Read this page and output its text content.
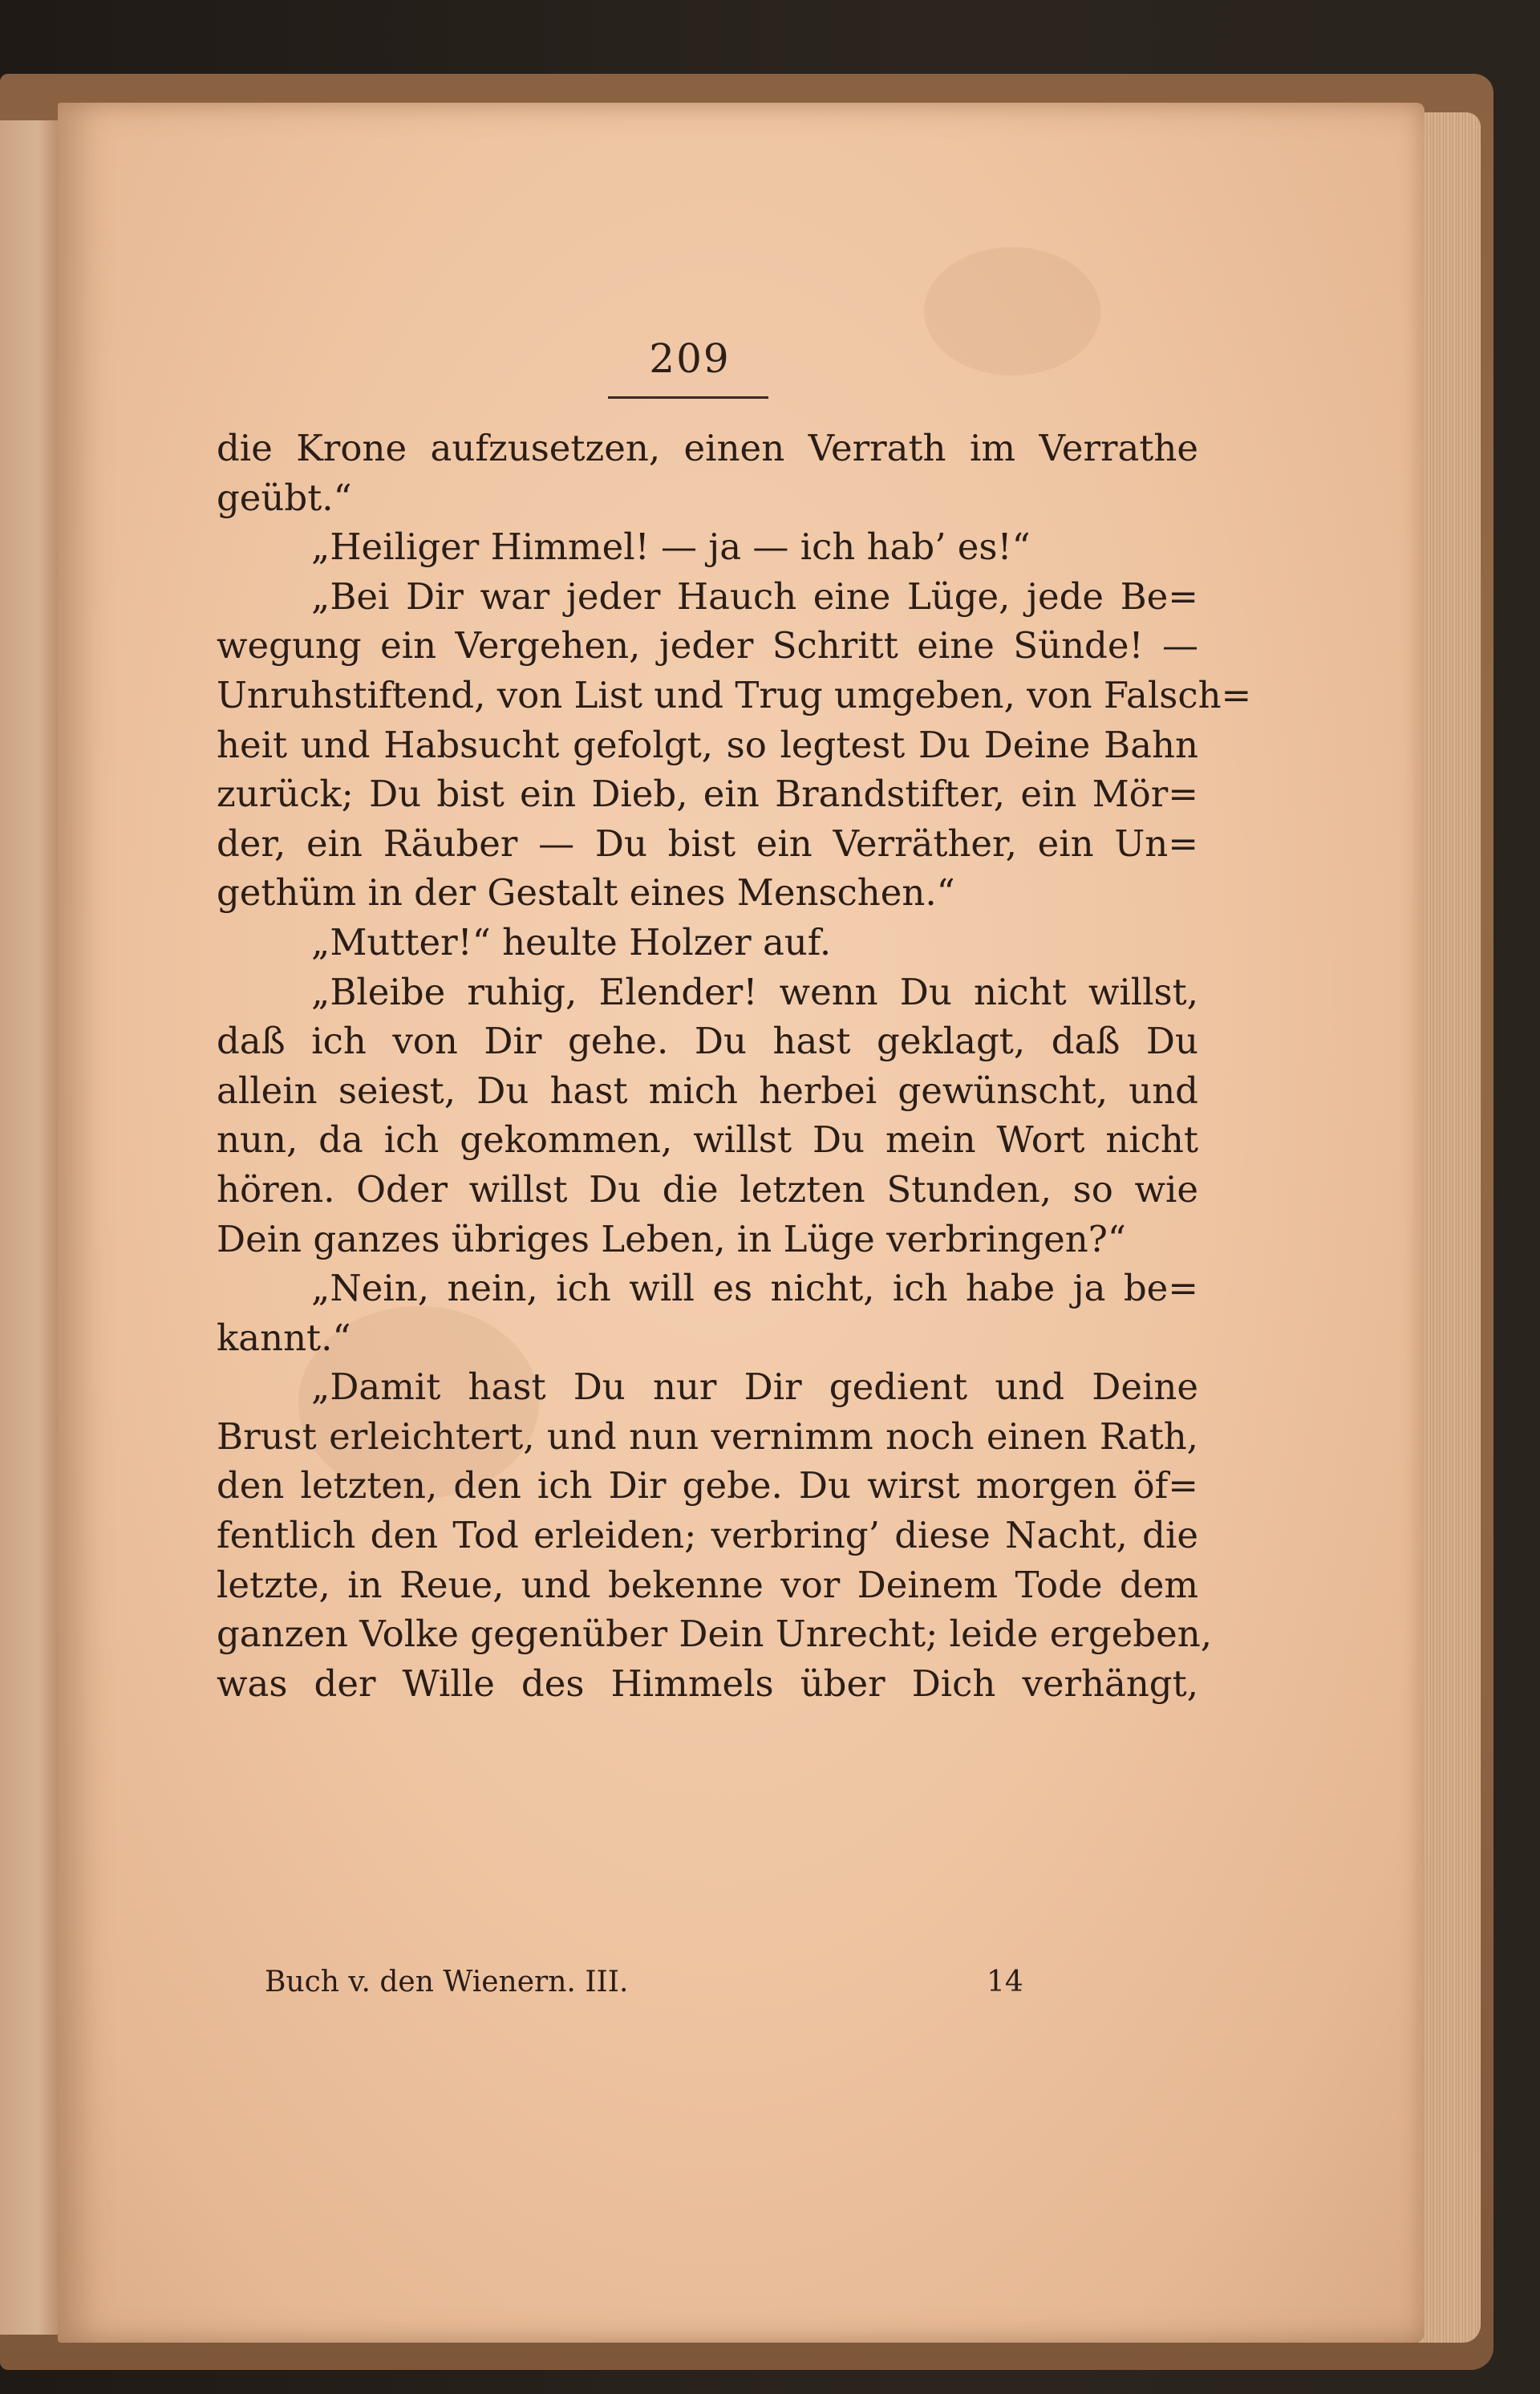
209
die Krone aufzusetzen, einen Verrath im Verrathe
geübt.“
„Heiliger Himmel! — ja — ich hab’ es!“
„Bei Dir war jeder Hauch eine Lüge, jede Be=
wegung ein Vergehen, jeder Schritt eine Sünde! —
Unruhstiftend, von List und Trug umgeben, von Falsch=
heit und Habsucht gefolgt, so legtest Du Deine Bahn
zurück; Du bist ein Dieb, ein Brandstifter, ein Mör=
der, ein Räuber — Du bist ein Verräther, ein Un=
gethüm in der Gestalt eines Menschen.“
„Mutter!“ heulte Holzer auf.
„Bleibe ruhig, Elender! wenn Du nicht willst,
daß ich von Dir gehe. Du hast geklagt, daß Du
allein seiest, Du hast mich herbei gewünscht, und
nun, da ich gekommen, willst Du mein Wort nicht
hören. Oder willst Du die letzten Stunden, so wie
Dein ganzes übriges Leben, in Lüge verbringen?“
„Nein, nein, ich will es nicht, ich habe ja be=
kannt.“
„Damit hast Du nur Dir gedient und Deine
Brust erleichtert, und nun vernimm noch einen Rath,
den letzten, den ich Dir gebe. Du wirst morgen öf=
fentlich den Tod erleiden; verbring’ diese Nacht, die
letzte, in Reue, und bekenne vor Deinem Tode dem
ganzen Volke gegenüber Dein Unrecht; leide ergeben,
was der Wille des Himmels über Dich verhängt,
Buch v. den Wienern. III.	14
